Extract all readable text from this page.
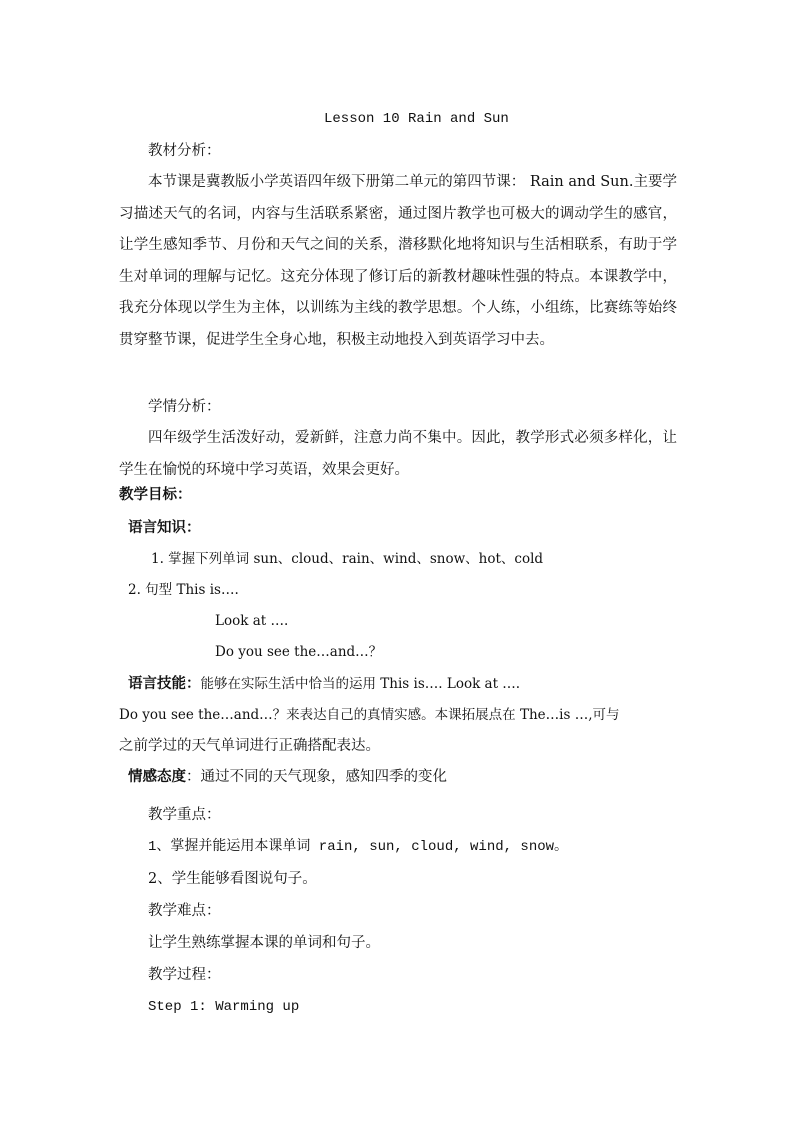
Lesson 10 Rain and Sun
教材分析：
本节课是冀教版小学英语四年级下册第二单元的第四节课： Rain and Sun.主要学习描述天气的名词，内容与生活联系紧密，通过图片教学也可极大的调动学生的感官，让学生感知季节、月份和天气之间的关系，潜移默化地将知识与生活相联系，有助于学生对单词的理解与记忆。这充分体现了修订后的新教材趣味性强的特点。本课教学中，我充分体现以学生为主体，以训练为主线的教学思想。个人练，小组练，比赛练等始终贯穿整节课，促进学生全身心地，积极主动地投入到英语学习中去。
学情分析：
四年级学生活泼好动，爱新鲜，注意力尚不集中。因此，教学形式必须多样化，让学生在愉悦的环境中学习英语，效果会更好。
教学目标：
语言知识：
1. 掌握下列单词 sun、cloud、rain、wind、snow、hot、cold
2. 句型 This is….
Look at ….
Do you see the…and…？
语言技能：能够在实际生活中恰当的运用 This is…. Look at ….
Do you see the…and…？来表达自己的真情实感。本课拓展点在 The…is …,可与
之前学过的天气单词进行正确搭配表达。
情感态度：通过不同的天气现象，感知四季的变化
教学重点：
1、掌握并能运用本课单词 rain, sun, cloud, wind, snow。
2、学生能够看图说句子。
教学难点：
让学生熟练掌握本课的单词和句子。
教学过程：
Step 1: Warming up
